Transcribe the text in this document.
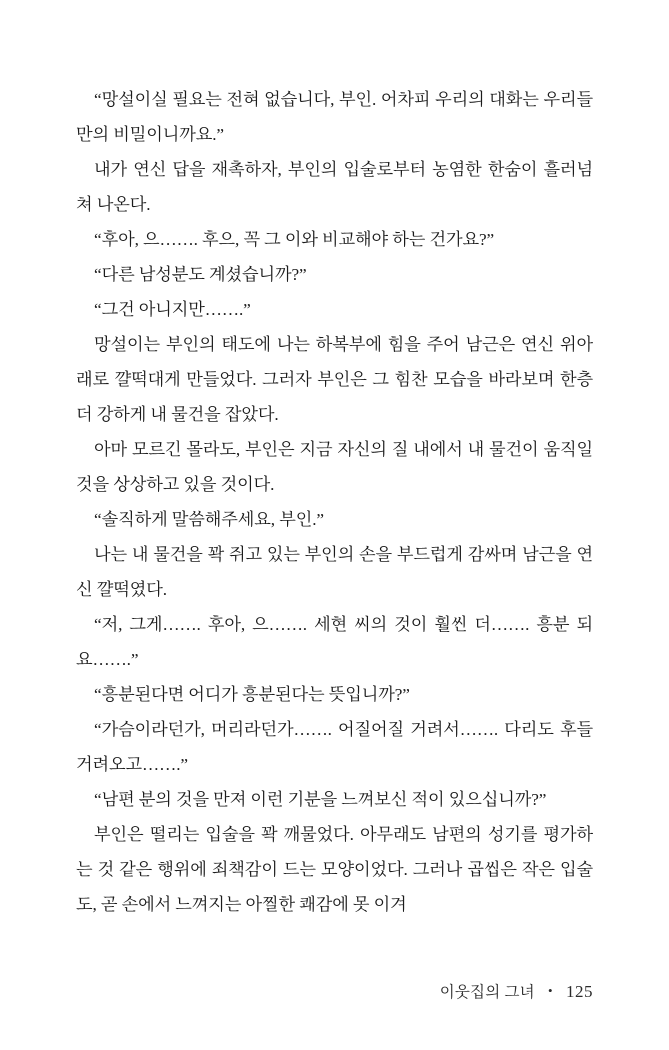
“망설이실 필요는 전혀 없습니다, 부인. 어차피 우리의 대화는 우리들만의 비밀이니까요.”

내가 연신 답을 재촉하자, 부인의 입술로부터 농염한 한숨이 흘러넘쳐 나온다.

“후아, 으……. 후으, 꼭 그 이와 비교해야 하는 건가요?”

“다른 남성분도 계셨습니까?”

“그건 아니지만…….”

망설이는 부인의 태도에 나는 하복부에 힘을 주어 남근은 연신 위아래로 꺌떡대게 만들었다. 그러자 부인은 그 힘찬 모습을 바라보며 한층 더 강하게 내 물건을 잡았다.

아마 모르긴 몰라도, 부인은 지금 자신의 질 내에서 내 물건이 움직일 것을 상상하고 있을 것이다.

“솔직하게 말씀해주세요, 부인.”

나는 내 물건을 꽉 쥐고 있는 부인의 손을 부드럽게 감싸며 남근을 연신 꺌떡였다.

“저, 그게……. 후아, 으……. 세현 씨의 것이 훨씬 더……. 흥분 되요…….”

“흥분된다면 어디가 흥분된다는 뜻입니까?”

“가슴이라던가, 머리라던가……. 어질어질 거려서……. 다리도 후들거려오고…….”

“남편 분의 것을 만져 이런 기분을 느껴보신 적이 있으십니까?”

부인은 떨리는 입술을 꽉 깨물었다. 아무래도 남편의 성기를 평가하는 것 같은 행위에 죄책감이 드는 모양이었다. 그러나 곱씹은 작은 입술도, 곧 손에서 느껴지는 아찔한 쾌감에 못 이겨

이웃집의 그녀 • 125
